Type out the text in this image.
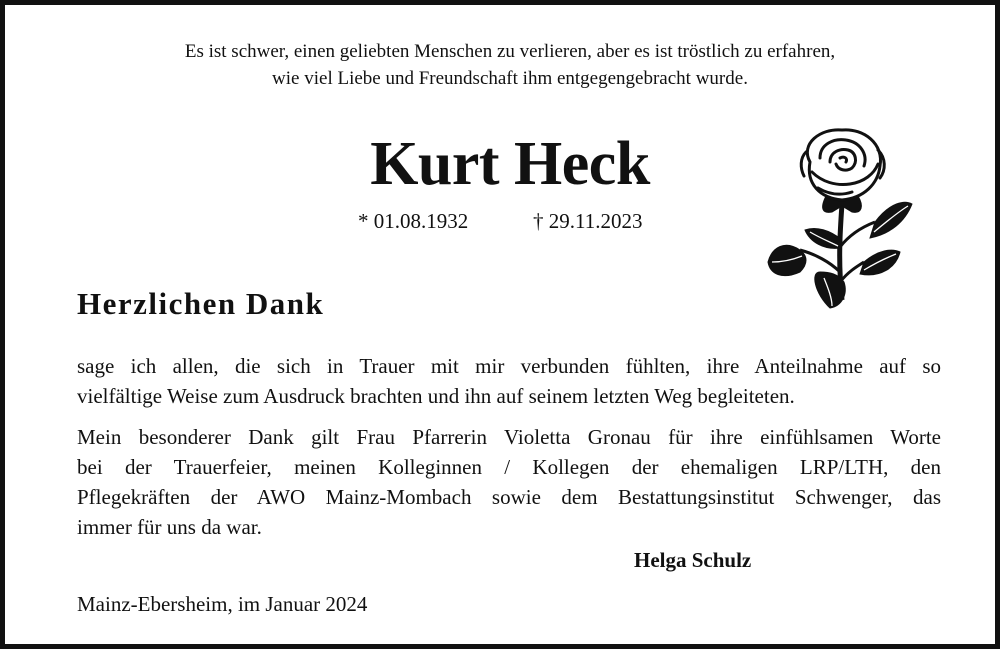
Es ist schwer, einen geliebten Menschen zu verlieren, aber es ist tröstlich zu erfahren,
wie viel Liebe und Freundschaft ihm entgegengebracht wurde.
Kurt Heck
* 01.08.1932	† 29.11.2023
Herzlichen Dank
sage ich allen, die sich in Trauer mit mir verbunden fühlten, ihre Anteilnahme auf so
vielfältige Weise zum Ausdruck brachten und ihn auf seinem letzten Weg begleiteten.
Mein besonderer Dank gilt Frau Pfarrerin Violetta Gronau für ihre einfühlsamen Worte
bei der Trauerfeier, meinen Kolleginnen / Kollegen der ehemaligen LRP/LTH, den
Pflegekräften der AWO Mainz-Mombach sowie dem Bestattungsinstitut Schwenger, das
immer für uns da war.
Helga Schulz
Mainz-Ebersheim, im Januar 2024
